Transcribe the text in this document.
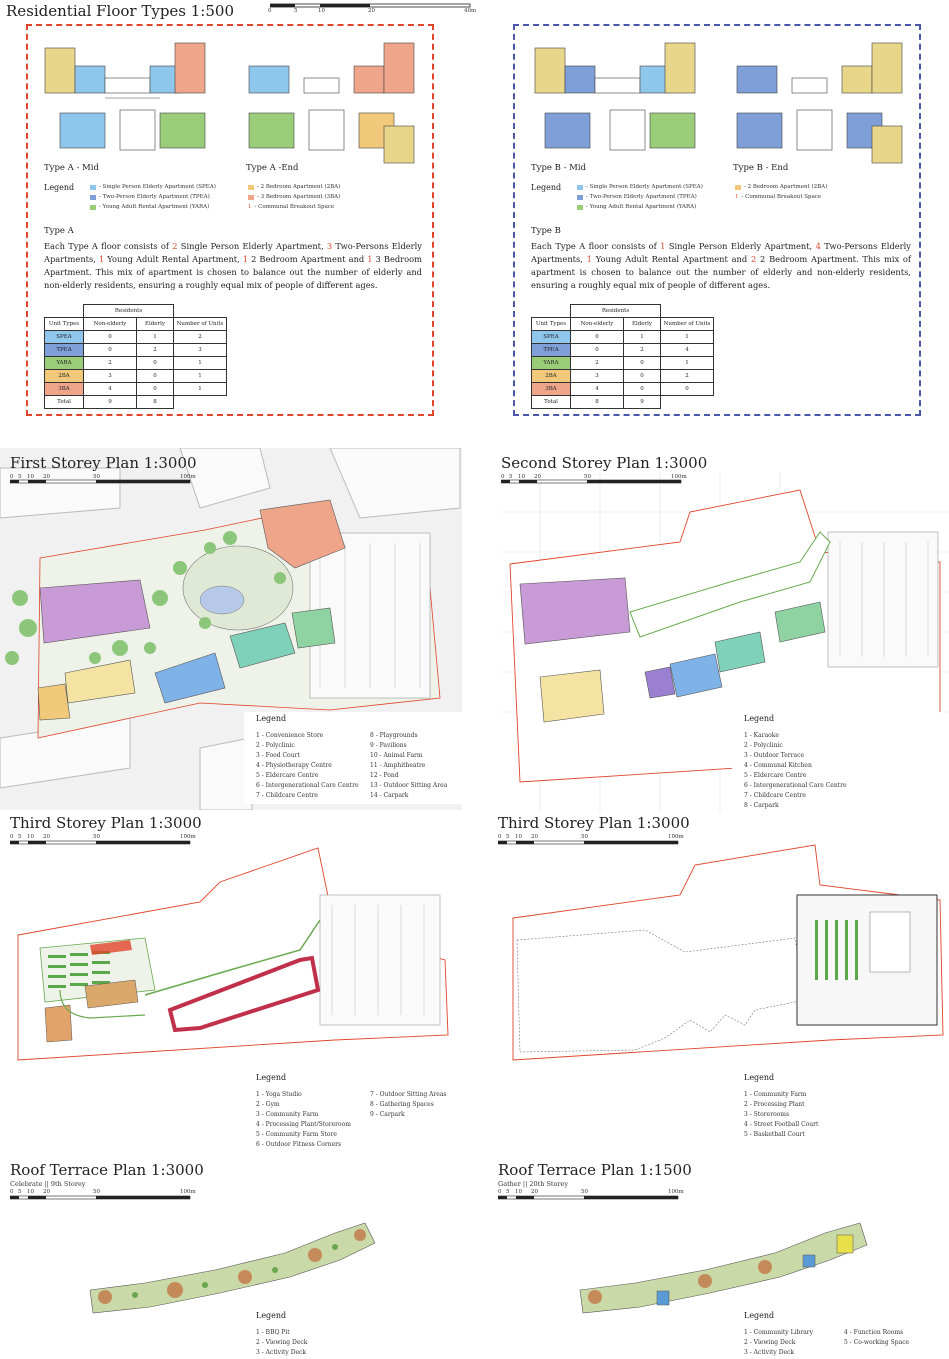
Residential Floor Types 1:500	0	5	10	20	40m
Type A - Mid	Type A -End
Legend	- Single Person Elderly Apartment (SPEA)
- Two-Person Elderly Apartment (TPEA)
- Young Adult Rental Apartment (YARA)
- 2 Bedroom Apartment (2BA)
- 3 Bedroom Apartment (3BA)
1 - Communal Breakout Space
Type A
Each Type A floor consists of 2 Single Person Elderly Apartment, 3 Two-Persons Elderly Apartments, 1 Young Adult Rental Apartment, 1 2 Bedroom Apartment and 1 3 Bedroom Apartment. This mix of apartment is chosen to balance out the number of elderly and non-elderly residents, ensuring a roughly equal mix of people of different ages.
	Residents		
Unit Types	Non-elderly	Elderly	Number of Units
SPEA	0	1	2
TPEA	0	2	3
YARA	2	0	1
2BA	3	0	1
3BA	4	0	1
Total	9	8	
Type B - Mid	Type B - End
Legend	- Single Person Elderly Apartment (SPEA)
- Two-Person Elderly Apartment (TPEA)
- Young Adult Rental Apartment (YARA)
- 2 Bedroom Apartment (2BA)
1 - Communal Breakout Space
Type B
Each Type A floor consists of 1 Single Person Elderly Apartment, 4 Two-Persons Elderly Apartments, 1 Young Adult Rental Apartment and 2 2 Bedroom Apartment. This mix of apartment is chosen to balance out the number of elderly and non-elderly residents, ensuring a roughly equal mix of people of different ages.
	Residents		
Unit Types	Non-elderly	Elderly	Number of Units
SPEA	0	1	1
TPEA	0	2	4
YARA	2	0	1
2BA	3	0	2
3BA	4	0	0
Total	8	9	
First Storey Plan 1:3000
0 5 10 20	50	100m
Legend
1 - Convenience Store
2 - Polyclinic
3 - Food Court
4 - Physiotherapy Centre
5 - Eldercare Centre
6 - Intergenerational Care Centre
7 - Childcare Centre
8 - Playgrounds
9 - Pavilions
10 - Animal Farm
11 - Amphitheatre
12 - Pond
13 - Outdoor Sitting Area
14 - Carpark
Second Storey Plan 1:3000
0 5 10 20	50	100m
Legend
1 - Karaoke
2 - Polyclinic
3 - Outdoor Terrace
4 - Communal Kitchen
5 - Eldercare Centre
6 - Intergenerational Care Centre
7 - Childcare Centre
8 - Carpark
Third Storey Plan 1:3000
0 5 10 20	50	100m
Legend
1 - Yoga Studio
2 - Gym
3 - Community Farm
4 - Processing Plant/Storeroom
5 - Community Farm Store
6 - Outdoor Fitness Corners
7 - Outdoor Sitting Areas
8 - Gathering Spaces
9 - Carpark
Third Storey Plan 1:3000
0 5 10 20	50	100m
Legend
1 - Community Farm
2 - Processing Plant
3 - Storerooms
4 - Street Football Court
5 - Basketball Court
Roof Terrace Plan 1:3000
Celebrate || 9th Storey
0 5 10 20	50	100m
Legend
1 - BBQ Pit
2 - Viewing Deck
3 - Activity Deck
Roof Terrace Plan 1:1500
Gather || 20th Storey
0 5 10 20	50	100m
Legend
1 - Community Library
2 - Viewing Deck
3 - Activity Deck
4 - Function Rooms
5 - Co-working Space
